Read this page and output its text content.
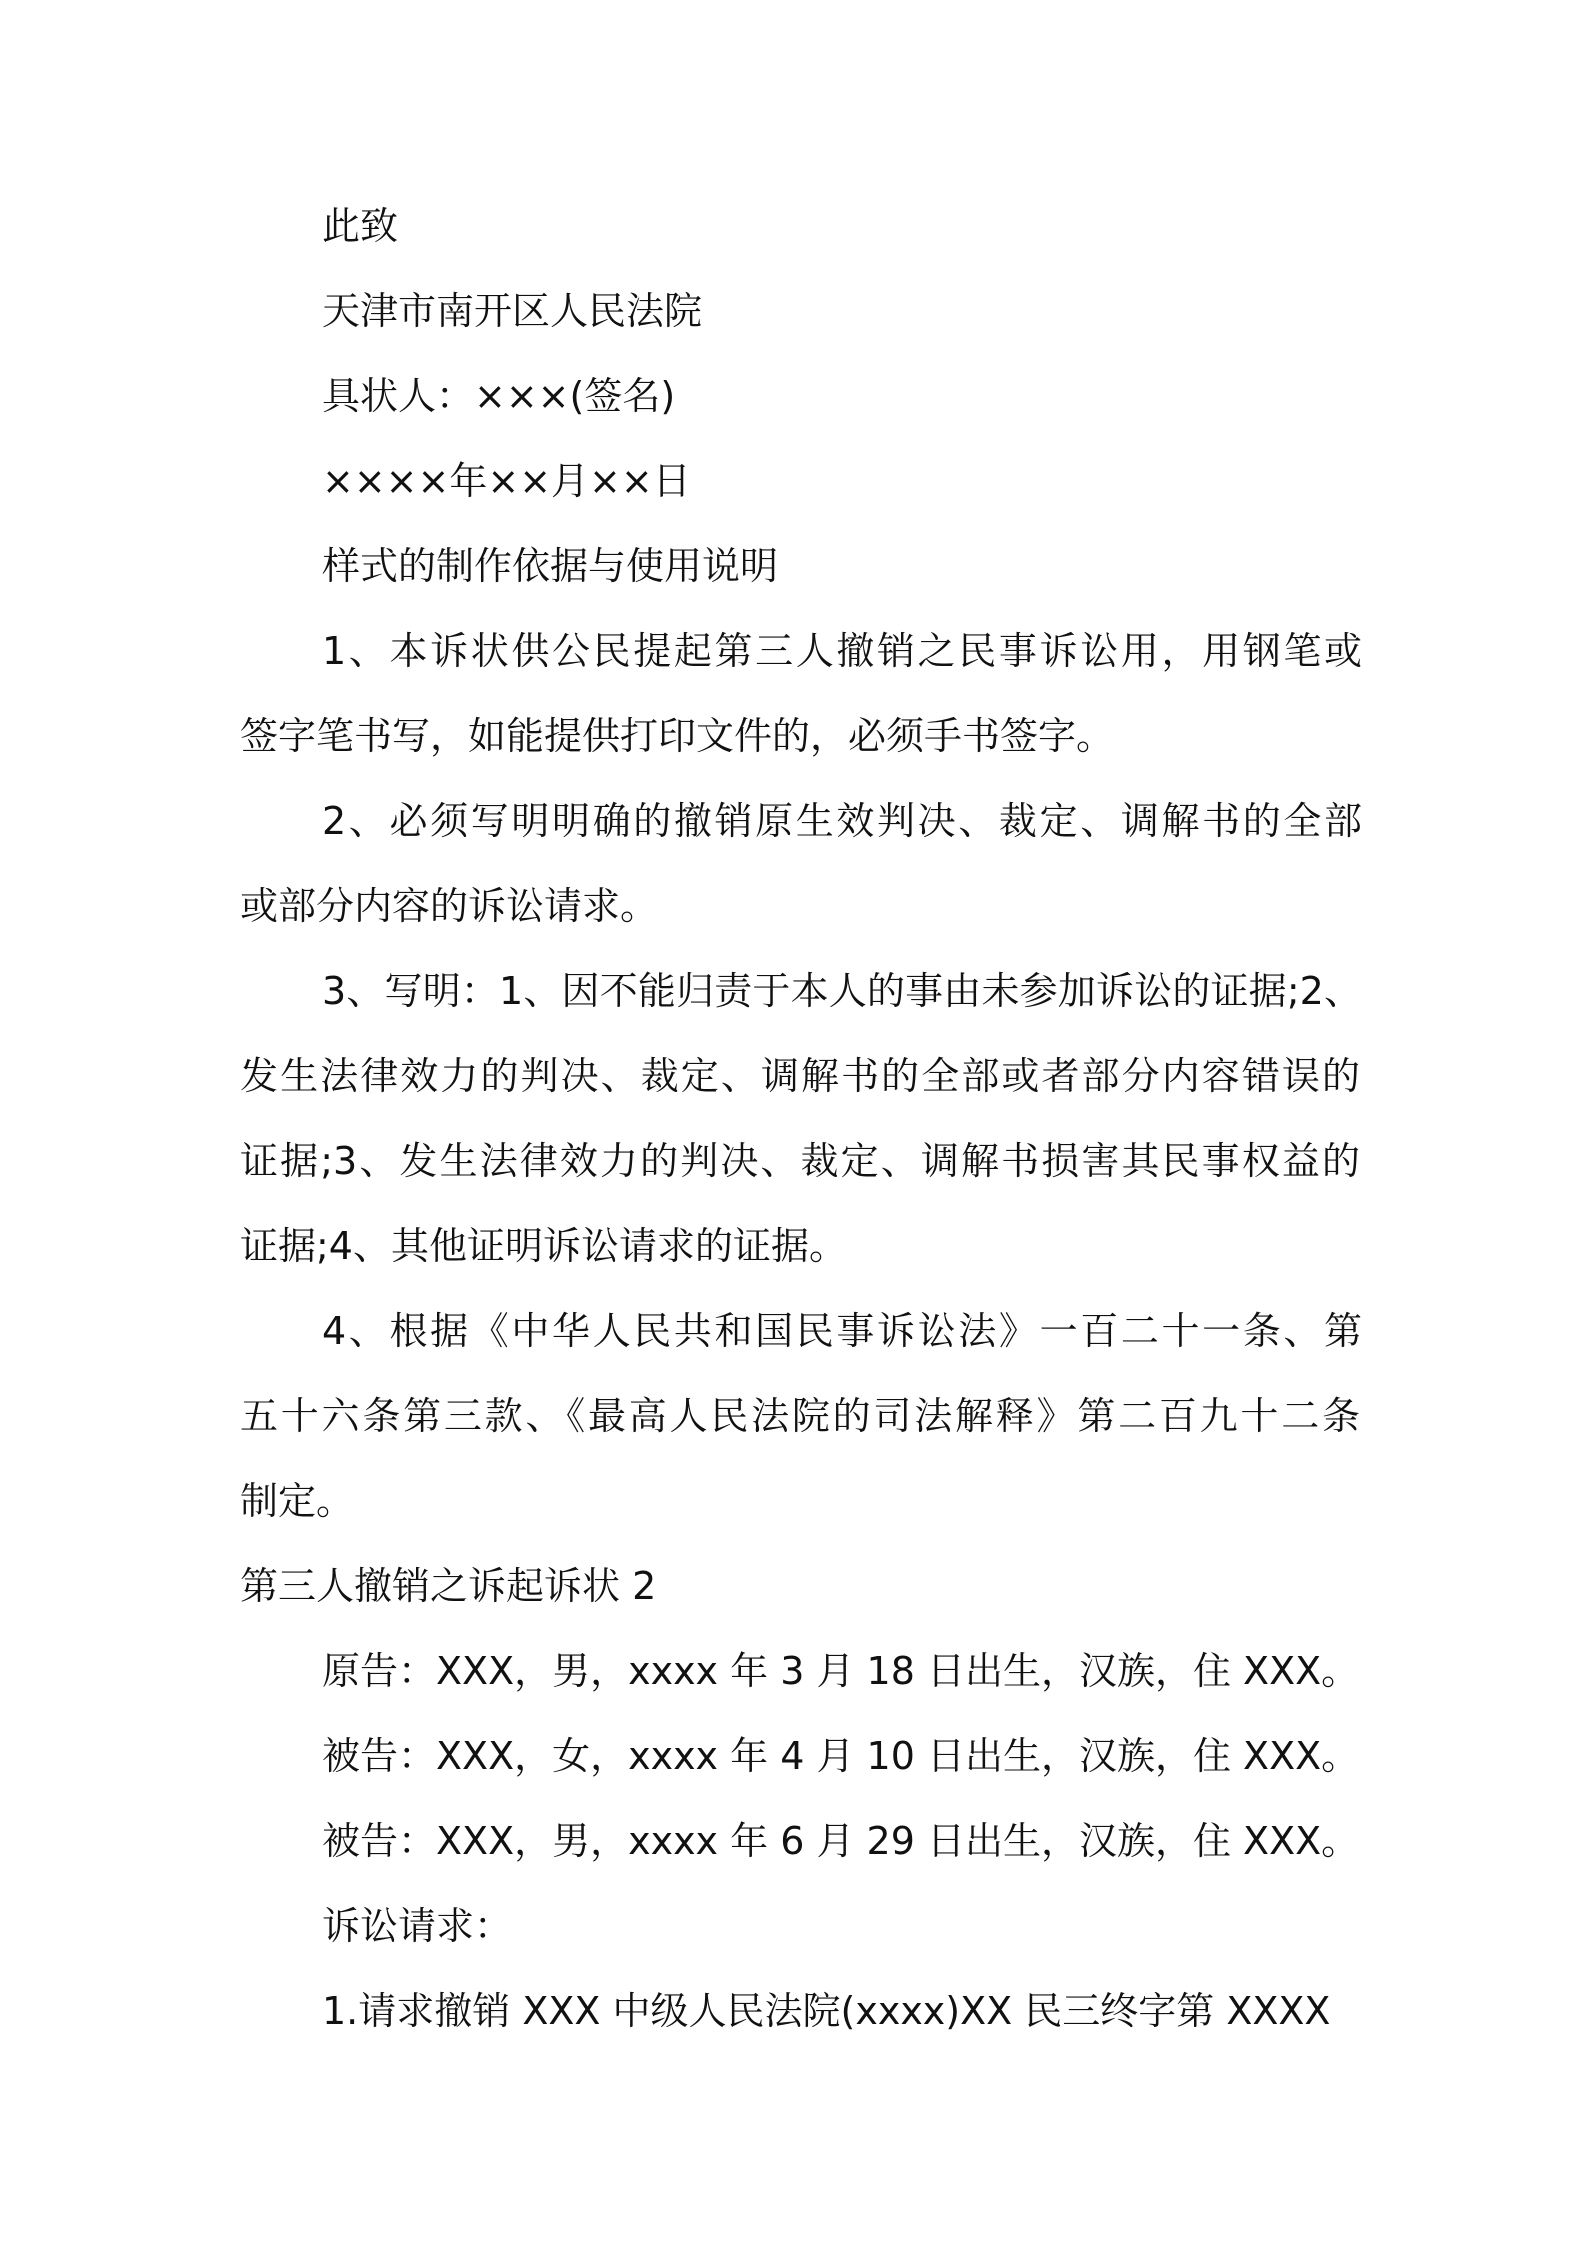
此致
天津市南开区人民法院
具状人：×××(签名)
××××年××月××日
样式的制作依据与使用说明
1、本诉状供公民提起第三人撤销之民事诉讼用，用钢笔或
签字笔书写，如能提供打印文件的，必须手书签字。
2、必须写明明确的撤销原生效判决、裁定、调解书的全部
或部分内容的诉讼请求。
3、写明：1、因不能归责于本人的事由未参加诉讼的证据;2、
发生法律效力的判决、裁定、调解书的全部或者部分内容错误的
证据;3、发生法律效力的判决、裁定、调解书损害其民事权益的
证据;4、其他证明诉讼请求的证据。
4、根据《中华人民共和国民事诉讼法》一百二十一条、第
五十六条第三款、《最高人民法院的司法解释》第二百九十二条
制定。
第三人撤销之诉起诉状 2
原告：XXX，男，xxxx 年 3 月 18 日出生，汉族，住 XXX。
被告：XXX，女，xxxx 年 4 月 10 日出生，汉族，住 XXX。
被告：XXX，男，xxxx 年 6 月 29 日出生，汉族，住 XXX。
诉讼请求：
1.请求撤销 XXX 中级人民法院(xxxx)XX 民三终字第 XXXX
